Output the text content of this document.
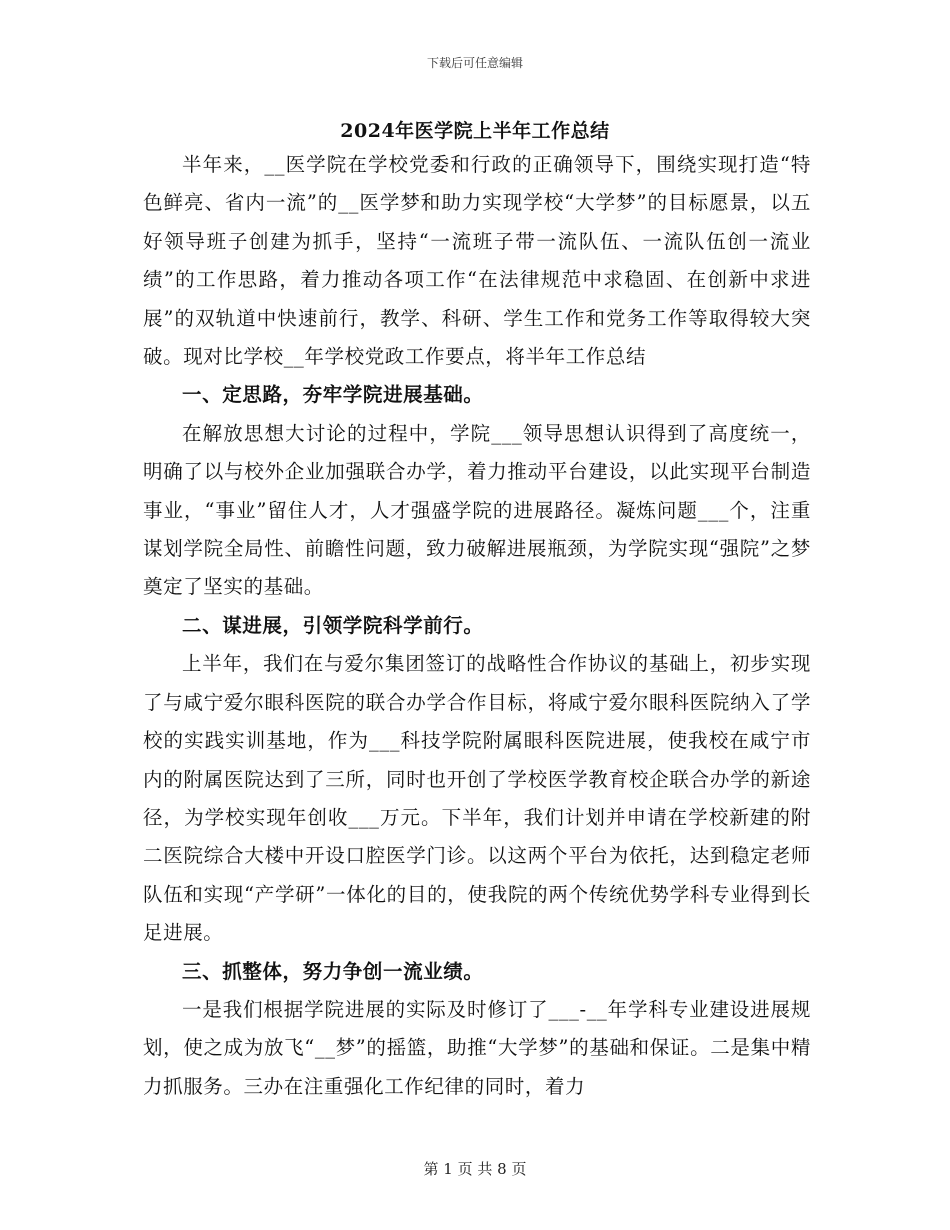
下载后可任意编辑
2024年医学院上半年工作总结

半年来，__医学院在学校党委和行政的正确领导下，围绕实现打造“特色鲜亮、省内一流”的__医学梦和助力实现学校“大学梦”的目标愿景，以五好领导班子创建为抓手，坚持“一流班子带一流队伍、一流队伍创一流业绩”的工作思路，着力推动各项工作“在法律规范中求稳固、在创新中求进展”的双轨道中快速前行，教学、科研、学生工作和党务工作等取得较大突破。现对比学校__年学校党政工作要点，将半年工作总结

一、定思路，夯牢学院进展基础。

在解放思想大讨论的过程中，学院___领导思想认识得到了高度统一，明确了以与校外企业加强联合办学，着力推动平台建设，以此实现平台制造事业，“事业”留住人才，人才强盛学院的进展路径。凝炼问题___个，注重谋划学院全局性、前瞻性问题，致力破解进展瓶颈，为学院实现“强院”之梦奠定了坚实的基础。

二、谋进展，引领学院科学前行。

上半年，我们在与爱尔集团签订的战略性合作协议的基础上，初步实现了与咸宁爱尔眼科医院的联合办学合作目标，将咸宁爱尔眼科医院纳入了学校的实践实训基地，作为___科技学院附属眼科医院进展，使我校在咸宁市内的附属医院达到了三所，同时也开创了学校医学教育校企联合办学的新途径，为学校实现年创收___万元。下半年，我们计划并申请在学校新建的附二医院综合大楼中开设口腔医学门诊。以这两个平台为依托，达到稳定老师队伍和实现“产学研”一体化的目的，使我院的两个传统优势学科专业得到长足进展。

三、抓整体，努力争创一流业绩。

一是我们根据学院进展的实际及时修订了___-__年学科专业建设进展规划，使之成为放飞“__梦”的摇篮，助推“大学梦”的基础和保证。二是集中精力抓服务。三办在注重强化工作纪律的同时，着力

第 1 页 共 8 页
